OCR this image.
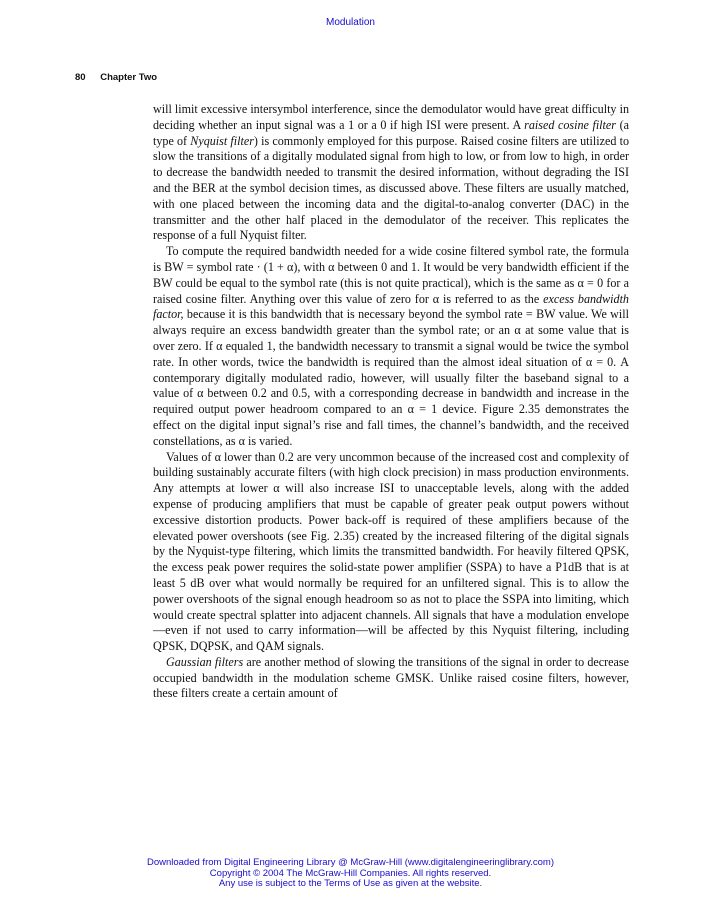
Modulation
80 Chapter Two

will limit excessive intersymbol interference, since the demodulator would have great difficulty in deciding whether an input signal was a 1 or a 0 if high ISI were present. A raised cosine filter (a type of Nyquist filter) is commonly employed for this purpose. Raised cosine filters are utilized to slow the transitions of a digitally modulated signal from high to low, or from low to high, in order to decrease the bandwidth needed to transmit the desired information, without degrading the ISI and the BER at the symbol decision times, as discussed above. These filters are usually matched, with one placed between the incoming data and the digital-to-analog converter (DAC) in the transmitter and the other half placed in the demodulator of the receiver. This replicates the response of a full Nyquist filter.

To compute the required bandwidth needed for a wide cosine filtered symbol rate, the formula is BW = symbol rate · (1 + α), with α between 0 and 1. It would be very bandwidth efficient if the BW could be equal to the symbol rate (this is not quite practical), which is the same as α = 0 for a raised cosine filter. Anything over this value of zero for α is referred to as the excess bandwidth factor, because it is this bandwidth that is necessary beyond the symbol rate = BW value. We will always require an excess bandwidth greater than the symbol rate; or an α at some value that is over zero. If α equaled 1, the bandwidth necessary to transmit a signal would be twice the symbol rate. In other words, twice the bandwidth is required than the almost ideal situation of α = 0. A contemporary digitally modulated radio, however, will usually filter the baseband signal to a value of α between 0.2 and 0.5, with a corresponding decrease in bandwidth and increase in the required output power headroom compared to an α = 1 device. Figure 2.35 demonstrates the effect on the digital input signal’s rise and fall times, the channel’s bandwidth, and the received constellations, as α is varied.

Values of α lower than 0.2 are very uncommon because of the increased cost and complexity of building sustainably accurate filters (with high clock precision) in mass production environments. Any attempts at lower α will also increase ISI to unacceptable levels, along with the added expense of producing amplifiers that must be capable of greater peak output powers without excessive distortion products. Power back-off is required of these amplifiers because of the elevated power overshoots (see Fig. 2.35) created by the increased filtering of the digital signals by the Nyquist-type filtering, which limits the transmitted bandwidth. For heavily filtered QPSK, the excess peak power requires the solid-state power amplifier (SSPA) to have a P1dB that is at least 5 dB over what would normally be required for an unfiltered signal. This is to allow the power overshoots of the signal enough headroom so as not to place the SSPA into limiting, which would create spectral splatter into adjacent channels. All signals that have a modulation envelope—even if not used to carry information—will be affected by this Nyquist filtering, including QPSK, DQPSK, and QAM signals.

Gaussian filters are another method of slowing the transitions of the signal in order to decrease occupied bandwidth in the modulation scheme GMSK. Unlike raised cosine filters, however, these filters create a certain amount of

Downloaded from Digital Engineering Library @ McGraw-Hill (www.digitalengineeringlibrary.com)
Copyright © 2004 The McGraw-Hill Companies. All rights reserved.
Any use is subject to the Terms of Use as given at the website.
